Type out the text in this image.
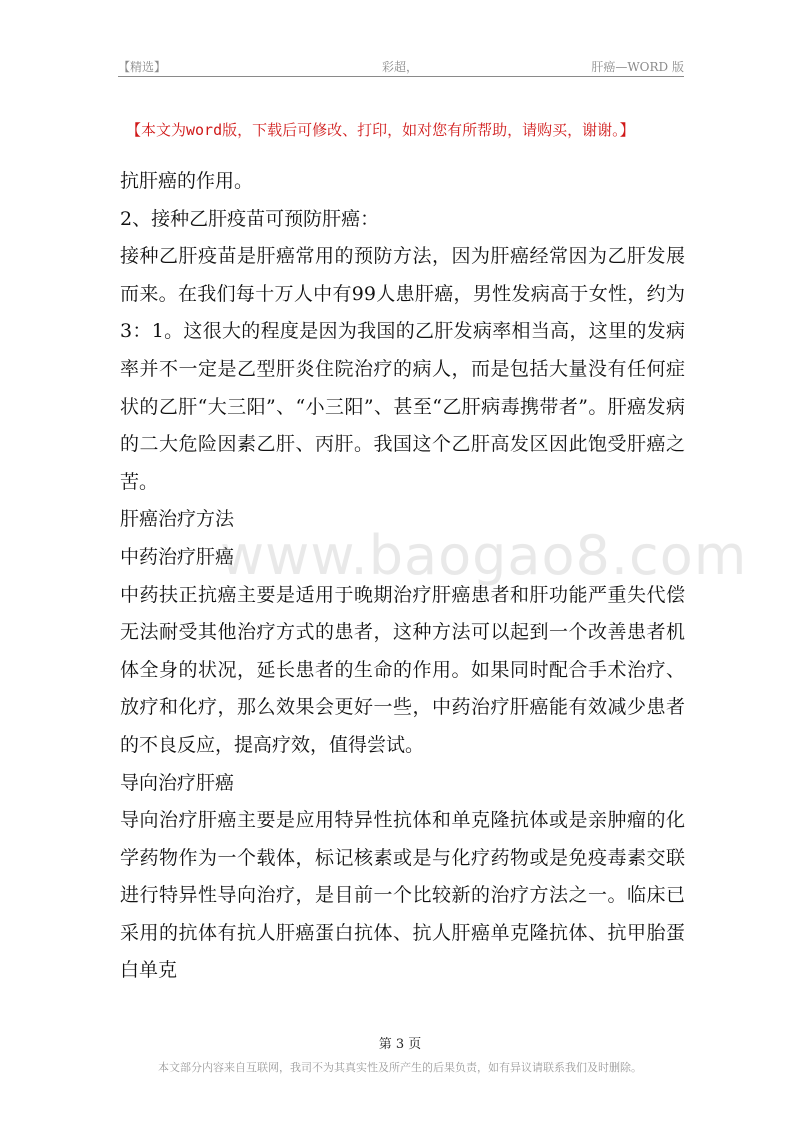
【精选】	彩超，	肝癌—WORD 版
【本文为word版，下载后可修改、打印，如对您有所帮助，请购买，谢谢。】

抗肝癌的作用。

2、接种乙肝疫苗可预防肝癌：

接种乙肝疫苗是肝癌常用的预防方法，因为肝癌经常因为乙肝发展而来。在我们每十万人中有99人患肝癌，男性发病高于女性，约为3：1。这很大的程度是因为我国的乙肝发病率相当高，这里的发病率并不一定是乙型肝炎住院治疗的病人，而是包括大量没有任何症状的乙肝“大三阳”、“小三阳”、甚至“乙肝病毒携带者”。肝癌发病的二大危险因素乙肝、丙肝。我国这个乙肝高发区因此饱受肝癌之苦。

肝癌治疗方法

中药治疗肝癌

中药扶正抗癌主要是适用于晚期治疗肝癌患者和肝功能严重失代偿无法耐受其他治疗方式的患者，这种方法可以起到一个改善患者机体全身的状况，延长患者的生命的作用。如果同时配合手术治疗、放疗和化疗，那么效果会更好一些，中药治疗肝癌能有效减少患者的不良反应，提高疗效，值得尝试。

导向治疗肝癌

导向治疗肝癌主要是应用特异性抗体和单克隆抗体或是亲肿瘤的化学药物作为一个载体，标记核素或是与化疗药物或是免疫毒素交联进行特异性导向治疗，是目前一个比较新的治疗方法之一。临床已采用的抗体有抗人肝癌蛋白抗体、抗人肝癌单克隆抗体、抗甲胎蛋白单克

www.baogao8.com
第 3 页
本文部分内容来自互联网，我司不为其真实性及所产生的后果负责，如有异议请联系我们及时删除。
